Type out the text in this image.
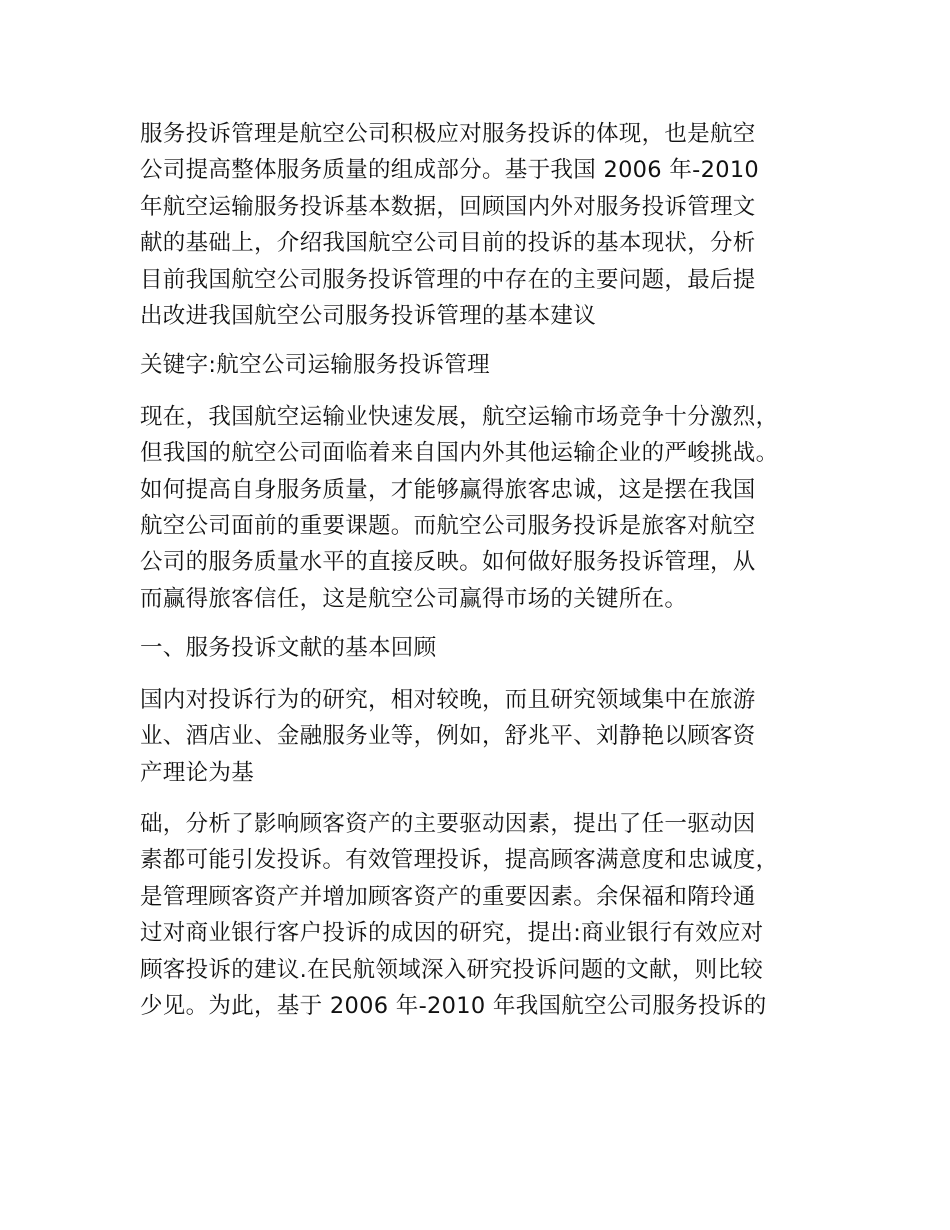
服务投诉管理是航空公司积极应对服务投诉的体现，也是航空
公司提高整体服务质量的组成部分。基于我国 2006 年-2010
年航空运输服务投诉基本数据，回顾国内外对服务投诉管理文
献的基础上，介绍我国航空公司目前的投诉的基本现状，分析
目前我国航空公司服务投诉管理的中存在的主要问题，最后提
出改进我国航空公司服务投诉管理的基本建议

关键字:航空公司运输服务投诉管理

现在，我国航空运输业快速发展，航空运输市场竞争十分激烈，
但我国的航空公司面临着来自国内外其他运输企业的严峻挑战。
如何提高自身服务质量，才能够赢得旅客忠诚，这是摆在我国
航空公司面前的重要课题。而航空公司服务投诉是旅客对航空
公司的服务质量水平的直接反映。如何做好服务投诉管理，从
而赢得旅客信任，这是航空公司赢得市场的关键所在。

一、服务投诉文献的基本回顾

国内对投诉行为的研究，相对较晚，而且研究领域集中在旅游
业、酒店业、金融服务业等，例如，舒兆平、刘静艳以顾客资
产理论为基

础，分析了影响顾客资产的主要驱动因素，提出了任一驱动因
素都可能引发投诉。有效管理投诉，提高顾客满意度和忠诚度，
是管理顾客资产并增加顾客资产的重要因素。余保福和隋玲通
过对商业银行客户投诉的成因的研究，提出:商业银行有效应对
顾客投诉的建议.在民航领域深入研究投诉问题的文献，则比较
少见。为此，基于 2006 年-2010 年我国航空公司服务投诉的
